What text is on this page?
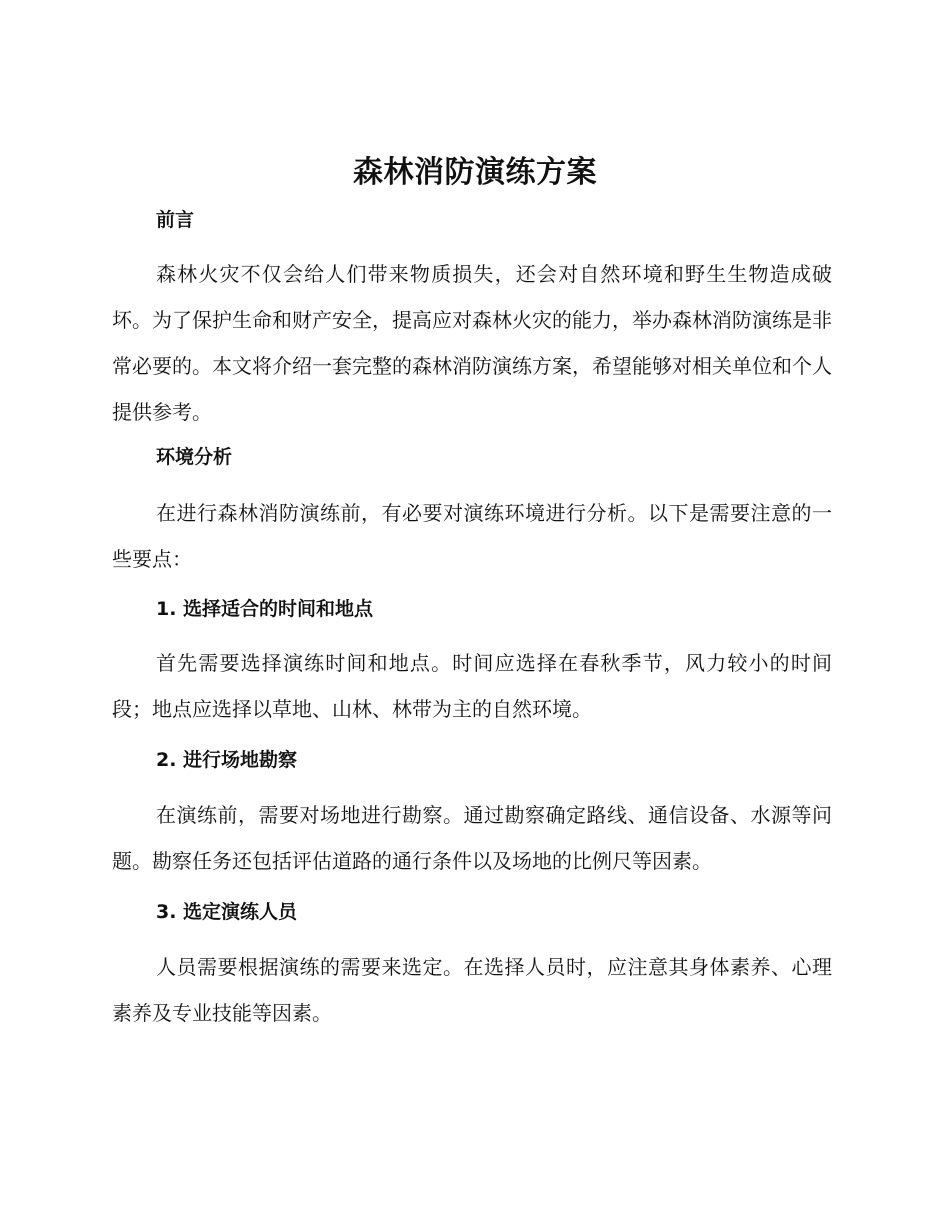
森林消防演练方案
前言

森林火灾不仅会给人们带来物质损失，还会对自然环境和野生生物造成破坏。为了保护生命和财产安全，提高应对森林火灾的能力，举办森林消防演练是非常必要的。本文将介绍一套完整的森林消防演练方案，希望能够对相关单位和个人提供参考。

环境分析

在进行森林消防演练前，有必要对演练环境进行分析。以下是需要注意的一些要点：

1. 选择适合的时间和地点

首先需要选择演练时间和地点。时间应选择在春秋季节，风力较小的时间段；地点应选择以草地、山林、林带为主的自然环境。

2. 进行场地勘察

在演练前，需要对场地进行勘察。通过勘察确定路线、通信设备、水源等问题。勘察任务还包括评估道路的通行条件以及场地的比例尺等因素。

3. 选定演练人员

人员需要根据演练的需要来选定。在选择人员时，应注意其身体素养、心理素养及专业技能等因素。
